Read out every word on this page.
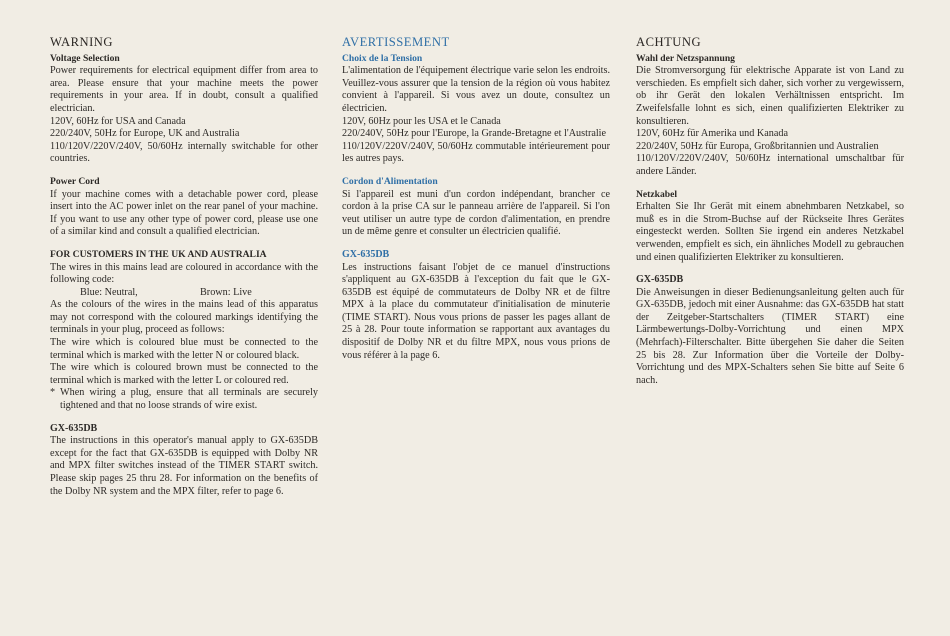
WARNING
Voltage Selection

Power requirements for electrical equipment differ from area to area. Please ensure that your machine meets the power requirements in your area. If in doubt, consult a qualified electrician.

120V, 60Hz for USA and Canada

220/240V, 50Hz for Europe, UK and Australia

110/120V/220V/240V, 50/60Hz internally switchable for other countries.

Power Cord

If your machine comes with a detachable power cord, please insert into the AC power inlet on the rear panel of your machine. If you want to use any other type of power cord, please use one of a similar kind and consult a qualified electrician.

FOR CUSTOMERS IN THE UK AND AUSTRALIA

The wires in this mains lead are coloured in accordance with the following code:

Blue: Neutral,	Brown: Live

As the colours of the wires in the mains lead of this apparatus may not correspond with the coloured markings identifying the terminals in your plug, proceed as follows:

The wire which is coloured blue must be connected to the terminal which is marked with the letter N or coloured black.

The wire which is coloured brown must be connected to the terminal which is marked with the letter L or coloured red.

* When wiring a plug, ensure that all terminals are securely tightened and that no loose strands of wire exist.
GX-635DB

The instructions in this operator's manual apply to GX-635DB except for the fact that GX-635DB is equipped with Dolby NR and MPX filter switches instead of the TIMER START switch. Please skip pages 25 thru 28. For information on the benefits of the Dolby NR system and the MPX filter, refer to page 6.

AVERTISSEMENT
Choix de la Tension

L'alimentation de l'équipement électrique varie selon les endroits. Veuillez-vous assurer que la tension de la région où vous habitez convient à l'appareil. Si vous avez un doute, consultez un électricien.

120V, 60Hz pour les USA et le Canada

220/240V, 50Hz pour l'Europe, la Grande-Bretagne et l'Australie

110/120V/220V/240V, 50/60Hz commutable intérieurement pour les autres pays.

Cordon d'Alimentation

Si l'appareil est muni d'un cordon indépendant, brancher ce cordon à la prise CA sur le panneau arrière de l'appareil. Si l'on veut utiliser un autre type de cordon d'alimentation, en prendre un de même genre et consulter un électricien qualifié.

GX-635DB

Les instructions faisant l'objet de ce manuel d'instructions s'appliquent au GX-635DB à l'exception du fait que le GX-635DB est équipé de commutateurs de Dolby NR et de filtre MPX à la place du commutateur d'initialisation de minuterie (TIME START). Nous vous prions de passer les pages allant de 25 à 28. Pour toute information se rapportant aux avantages du dispositif de Dolby NR et du filtre MPX, nous vous prions de vous référer à la page 6.

ACHTUNG
Wahl der Netzspannung

Die Stromversorgung für elektrische Apparate ist von Land zu verschieden. Es empfielt sich daher, sich vorher zu vergewissern, ob ihr Gerät den lokalen Verhältnissen entspricht. Im Zweifelsfalle lohnt es sich, einen qualifizierten Elektriker zu konsultieren.

120V, 60Hz für Amerika und Kanada

220/240V, 50Hz für Europa, Großbritannien und Australien

110/120V/220V/240V, 50/60Hz international umschaltbar für andere Länder.

Netzkabel

Erhalten Sie Ihr Gerät mit einem abnehmbaren Netzkabel, so muß es in die Strom-Buchse auf der Rückseite Ihres Gerätes eingesteckt werden. Sollten Sie irgend ein anderes Netzkabel verwenden, empfielt es sich, ein ähnliches Modell zu gebrauchen und einen qualifizierten Elektriker zu konsultieren.

GX-635DB

Die Anweisungen in dieser Bedienungsanleitung gelten auch für GX-635DB, jedoch mit einer Ausnahme: das GX-635DB hat statt der Zeitgeber-Startschalters (TIMER START) eine Lärmbewertungs-Dolby-Vorrichtung und einen MPX (Mehrfach)-Filterschalter. Bitte übergehen Sie daher die Seiten 25 bis 28. Zur Information über die Vorteile der Dolby-Vorrichtung und des MPX-Schalters sehen Sie bitte auf Seite 6 nach.
